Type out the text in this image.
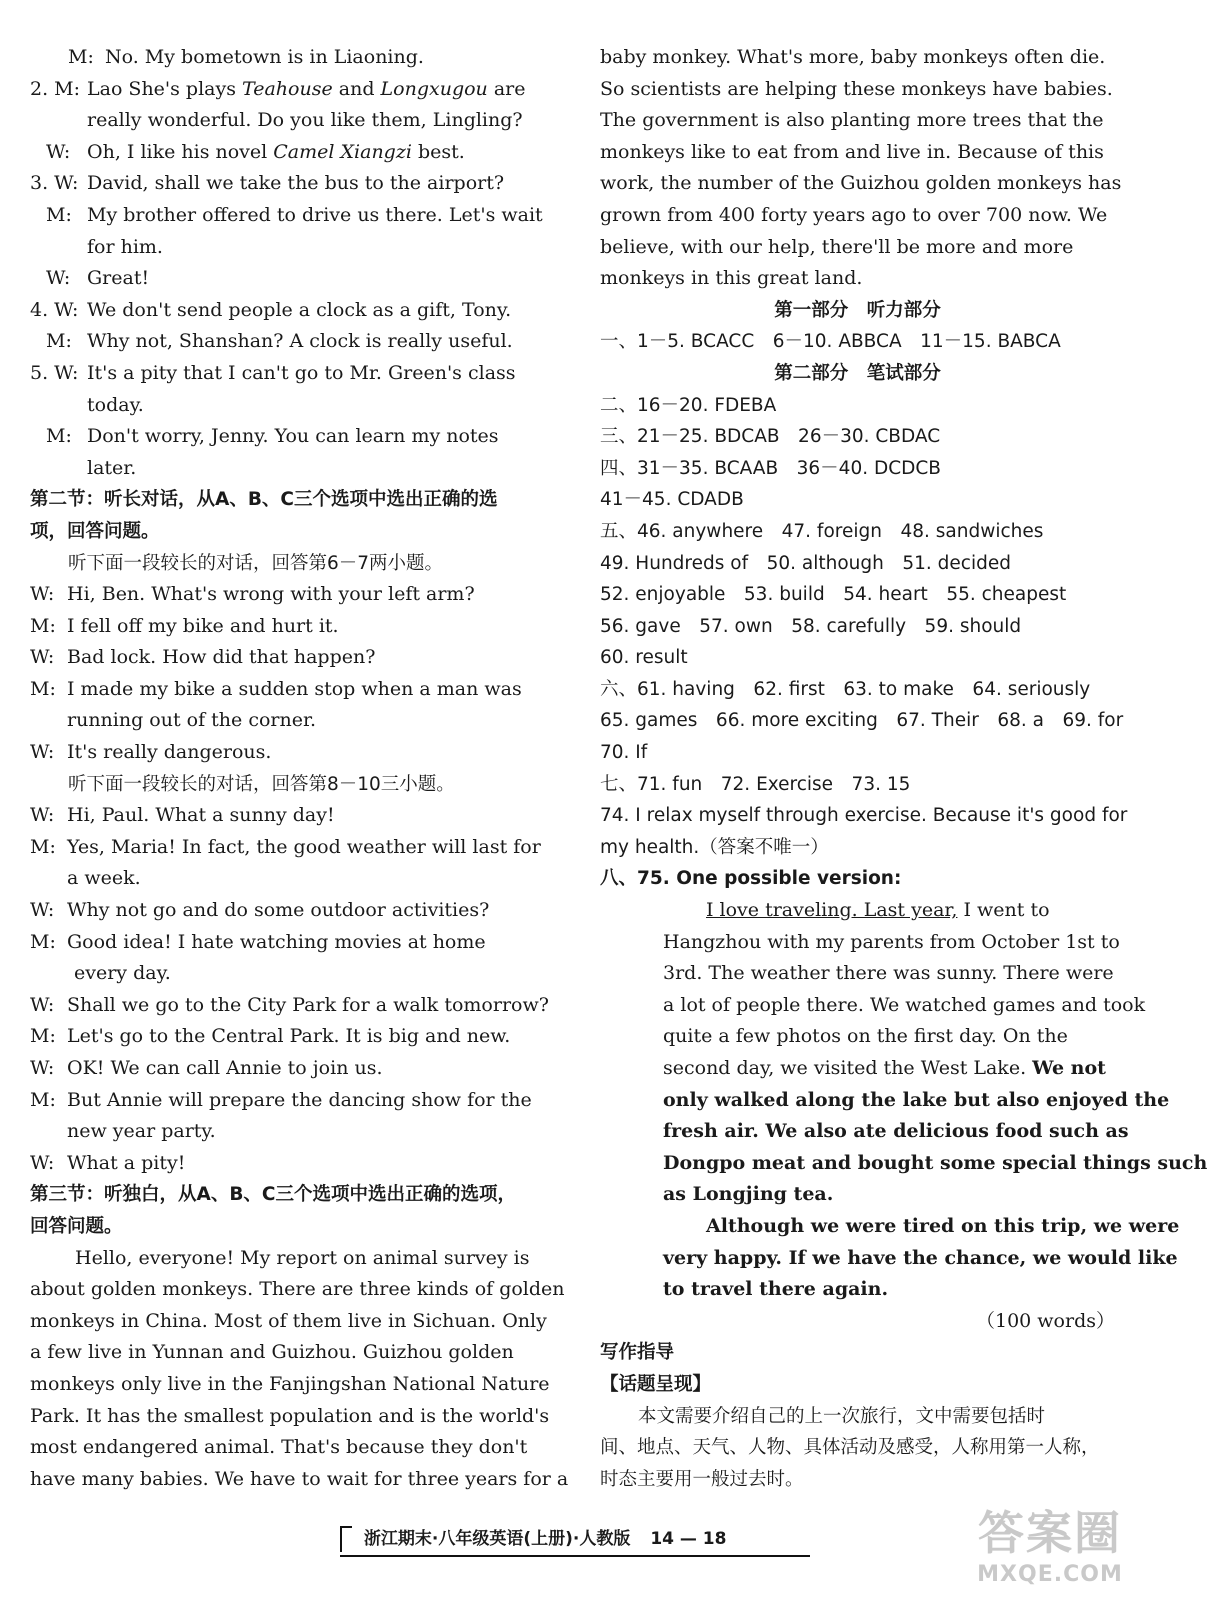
M: No. My bometown is in Liaoning.
2. M: Lao She's plays Teahouse and Longxugou are
really wonderful. Do you like them, Lingling?
W: Oh, I like his novel Camel Xiangzi best.
3. W: David, shall we take the bus to the airport?
M: My brother offered to drive us there. Let's wait
for him.
W: Great!
4. W: We don't send people a clock as a gift, Tony.
M: Why not, Shanshan? A clock is really useful.
5. W: It's a pity that I can't go to Mr. Green's class
today.
M: Don't worry, Jenny. You can learn my notes
later.
第二节：听长对话，从A、B、C三个选项中选出正确的选
项，回答问题。
听下面一段较长的对话，回答第6－7两小题。
W: Hi, Ben. What's wrong with your left arm?
M: I fell off my bike and hurt it.
W: Bad lock. How did that happen?
M: I made my bike a sudden stop when a man was
running out of the corner.
W: It's really dangerous.
听下面一段较长的对话，回答第8－10三小题。
W: Hi, Paul. What a sunny day!
M: Yes, Maria! In fact, the good weather will last for
a week.
W: Why not go and do some outdoor activities?
M: Good idea! I hate watching movies at home
every day.
W: Shall we go to the City Park for a walk tomorrow?
M: Let's go to the Central Park. It is big and new.
W: OK! We can call Annie to join us.
M: But Annie will prepare the dancing show for the
new year party.
W: What a pity!
第三节：听独白，从A、B、C三个选项中选出正确的选项，
回答问题。
Hello, everyone! My report on animal survey is
about golden monkeys. There are three kinds of golden
monkeys in China. Most of them live in Sichuan. Only
a few live in Yunnan and Guizhou. Guizhou golden
monkeys only live in the Fanjingshan National Nature
Park. It has the smallest population and is the world's
most endangered animal. That's because they don't
have many babies. We have to wait for three years for a
baby monkey. What's more, baby monkeys often die.
So scientists are helping these monkeys have babies.
The government is also planting more trees that the
monkeys like to eat from and live in. Because of this
work, the number of the Guizhou golden monkeys has
grown from 400 forty years ago to over 700 now. We
believe, with our help, there'll be more and more
monkeys in this great land.
第一部分　听力部分
一、1－5. BCACC　6－10. ABBCA　11－15. BABCA
第二部分　笔试部分
二、16－20. FDEBA
三、21－25. BDCAB　26－30. CBDAC
四、31－35. BCAAB　36－40. DCDCB
41－45. CDADB
五、46. anywhere　47. foreign　48. sandwiches
49. Hundreds of　50. although　51. decided
52. enjoyable　53. build　54. heart　55. cheapest
56. gave　57. own　58. carefully　59. should
60. result
六、61. having　62. first　63. to make　64. seriously
65. games　66. more exciting　67. Their　68. a　69. for
70. If
七、71. fun　72. Exercise　73. 15
74. I relax myself through exercise. Because it's good for
my health.（答案不唯一）
八、75. One possible version:
I love traveling. Last year, I went to
Hangzhou with my parents from October 1st to
3rd. The weather there was sunny. There were
a lot of people there. We watched games and took
quite a few photos on the first day. On the
second day, we visited the West Lake. We not
only walked along the lake but also enjoyed the
fresh air. We also ate delicious food such as
Dongpo meat and bought some special things such
as Longjing tea.
Although we were tired on this trip, we were
very happy. If we have the chance, we would like
to travel there again.
（100 words）
写作指导
【话题呈现】
本文需要介绍自己的上一次旅行，文中需要包括时
间、地点、天气、人物、具体活动及感受，人称用第一人称，
时态主要用一般过去时。
浙江期末·八年级英语(上册)·人教版 14 — 18	答案圈
MXQE.COM
